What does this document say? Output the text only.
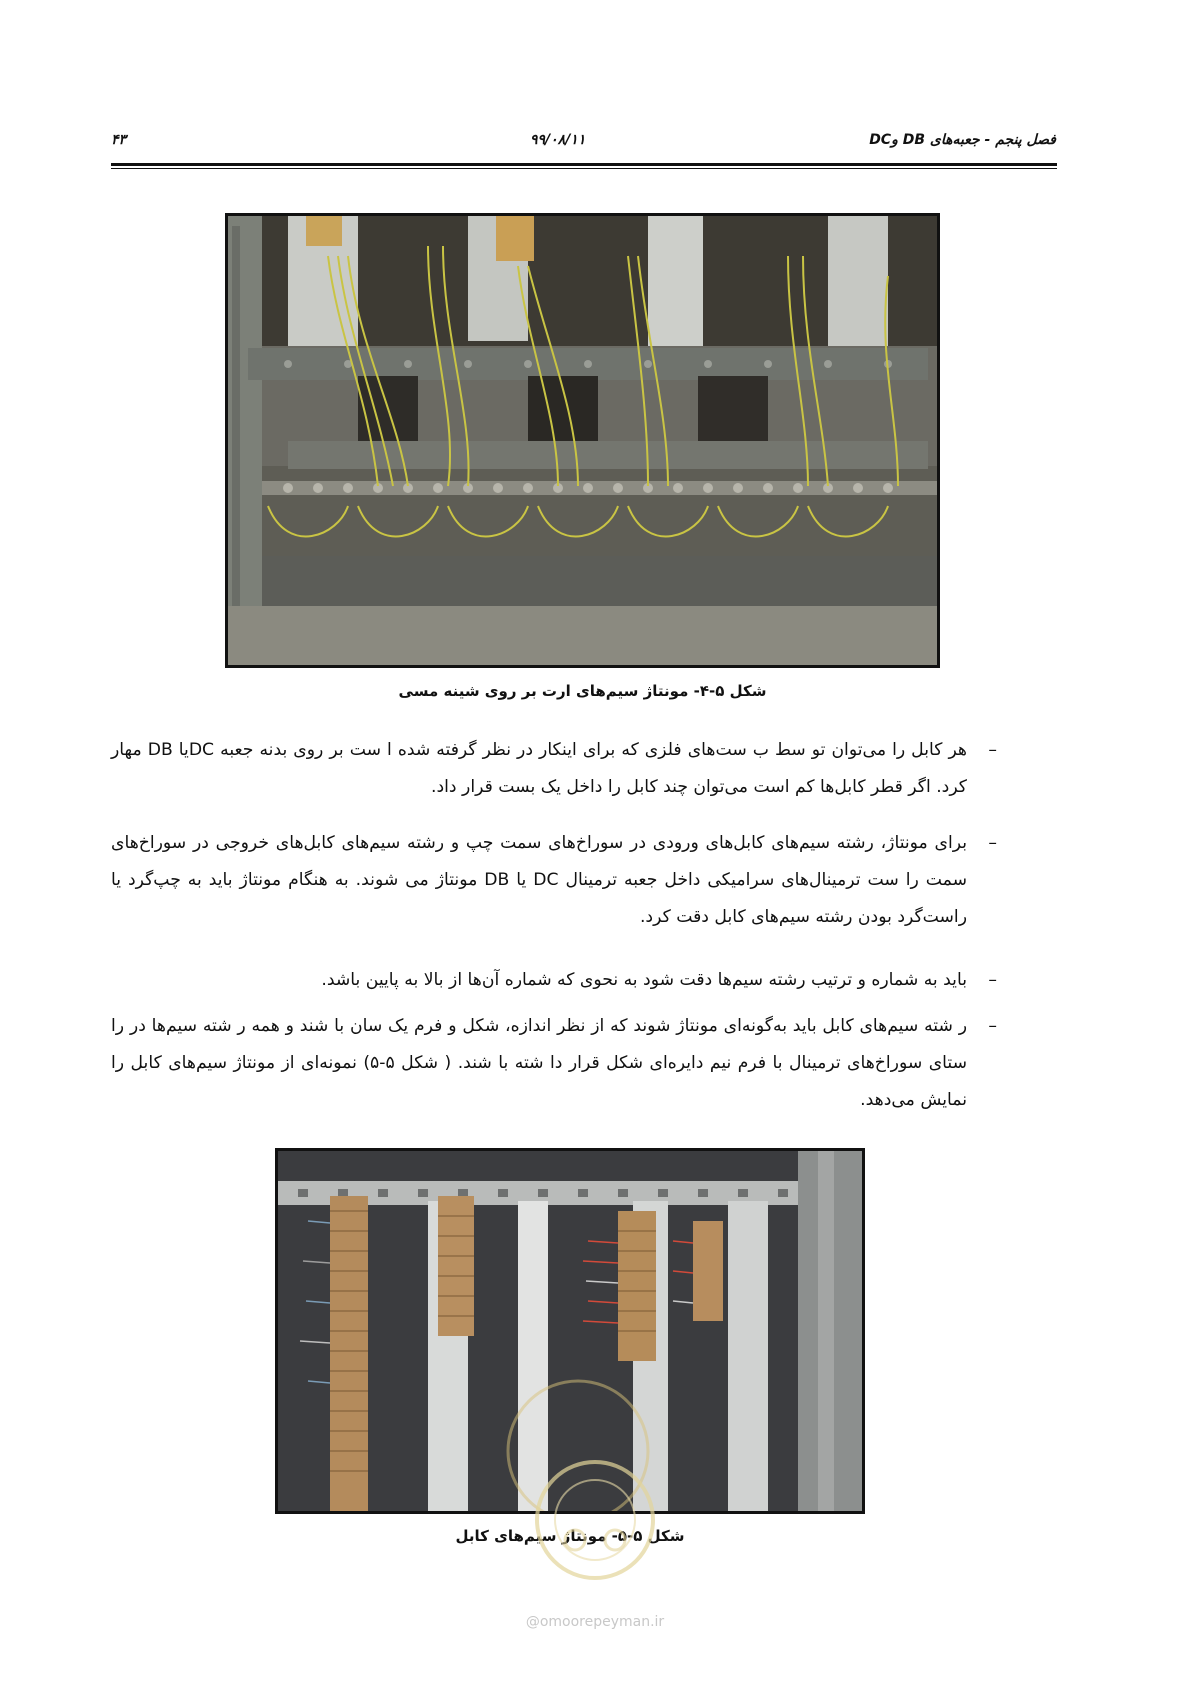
فصل پنجم - جعبه‌های DB وDC
۹۹/۰۸/۱۱
۴۳
شکل ۵-۴- مونتاژ سیم‌های ارت بر روی شینه مسی
–
هر کابل را می‌توان تو سط ب ست‌های فلزی که برای اینکار در نظر گرفته شده ا ست بر روی بدنه جعبه DCیا DB مهار کرد. اگر قطر کابل‌ها کم است می‌توان چند کابل را داخل یک بست قرار داد.
–
برای مونتاژ، رشته سیم‌های کابل‌های ورودی در سوراخ‌های سمت چپ و رشته سیم‌های کابل‌های خروجی در سوراخ‌های سمت را ست ترمینال‌های سرامیکی داخل جعبه ترمینال DC یا DB مونتاژ می شوند. به هنگام مونتاژ باید به چپ‌گرد یا راست‌گرد بودن رشته سیم‌های کابل دقت کرد.
–
باید به شماره و ترتیب رشته سیم‌ها دقت شود به نحوی که شماره آن‌ها از بالا به پایین باشد.
–
ر شته سیم‌های کابل باید به‌گونه‌ای مونتاژ شوند که از نظر اندازه، شکل و فرم یک سان با شند و همه ر شته سیم‌ها در را ستای سوراخ‌های ترمینال با فرم نیم دایره‌ای شکل قرار دا شته با شند. ( شکل ۵-۵) نمونه‌ای از مونتاژ سیم‌های کابل را نمایش می‌دهد.
شکل ۵-۵- مونتاژ سیم‌های کابل
@omoorepeyman.ir
